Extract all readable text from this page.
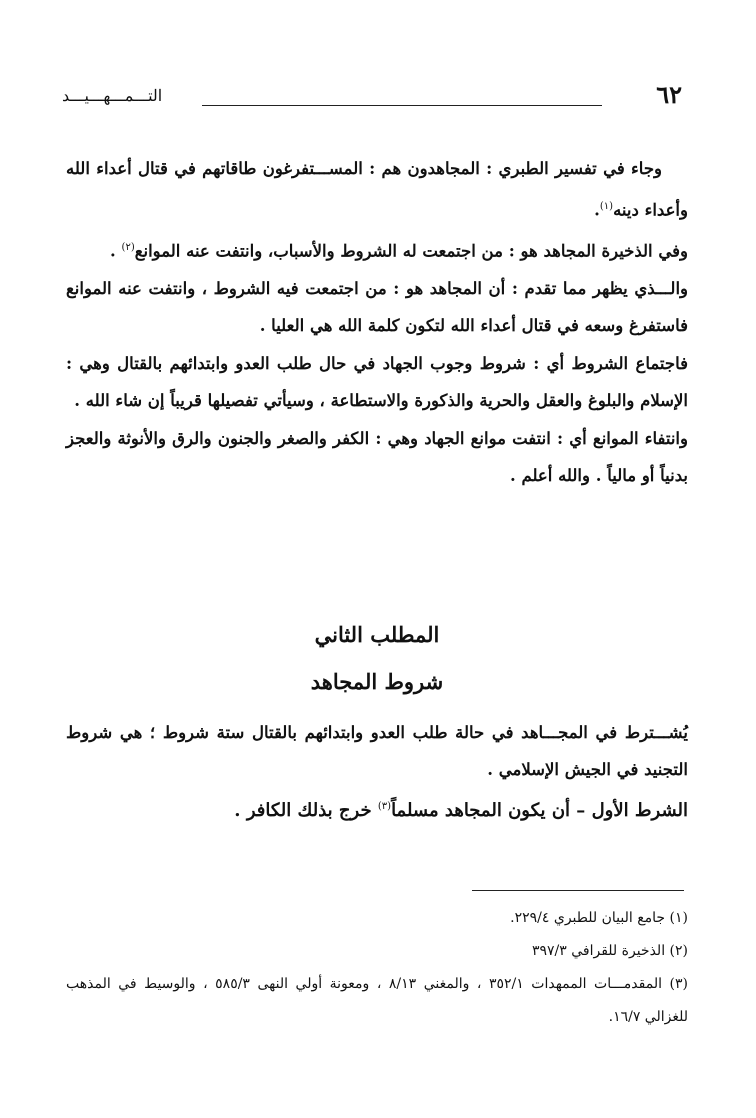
٦٢
التـــمـــهـــيـــد

وجاء في تفسير الطبري : المجاهدون هم : المســـتفرغون طاقاتهم في قتال أعداء الله وأعداء دينه$^{(١)}$.

وفي الذخيرة المجاهد هو : من اجتمعت له الشروط والأسباب، وانتفت عنه الموانع$^{(٢)}$ .

والـــذي يظهر مما تقدم : أن المجاهد هو : من اجتمعت فيه الشروط ، وانتفت عنه الموانع فاستفرغ وسعه في قتال أعداء الله لتكون كلمة الله هي العليا .

فاجتماع الشروط أي : شروط وجوب الجهاد في حال طلب العدو وابتدائهم بالقتال وهي : الإسلام والبلوغ والعقل والحرية والذكورة والاستطاعة ، وسيأتي تفصيلها قريباً إن شاء الله .

وانتفاء الموانع أي : انتفت موانع الجهاد وهي : الكفر والصغر والجنون والرق والأنوثة والعجز بدنياً أو مالياً . والله أعلم .

المطلب الثاني
شروط المجاهد

يُشـــترط في المجـــاهد في حالة طلب العدو وابتدائهم بالقتال ستة شروط ؛ هي شروط التجنيد في الجيش الإسلامي .

الشرط الأول – أن يكون المجاهد مسلماً$^{(٣)}$ خرج بذلك الكافر .

(١) جامع البيان للطبري ٢٢٩/٤.

(٢) الذخيرة للقرافي ٣٩٧/٣

(٣) المقدمـــات الممهدات ٣٥٢/١ ، والمغني ٨/١٣ ، ومعونة أولي النهى ٥٨٥/٣ ، والوسيط في المذهب للغزالي ١٦/٧.
